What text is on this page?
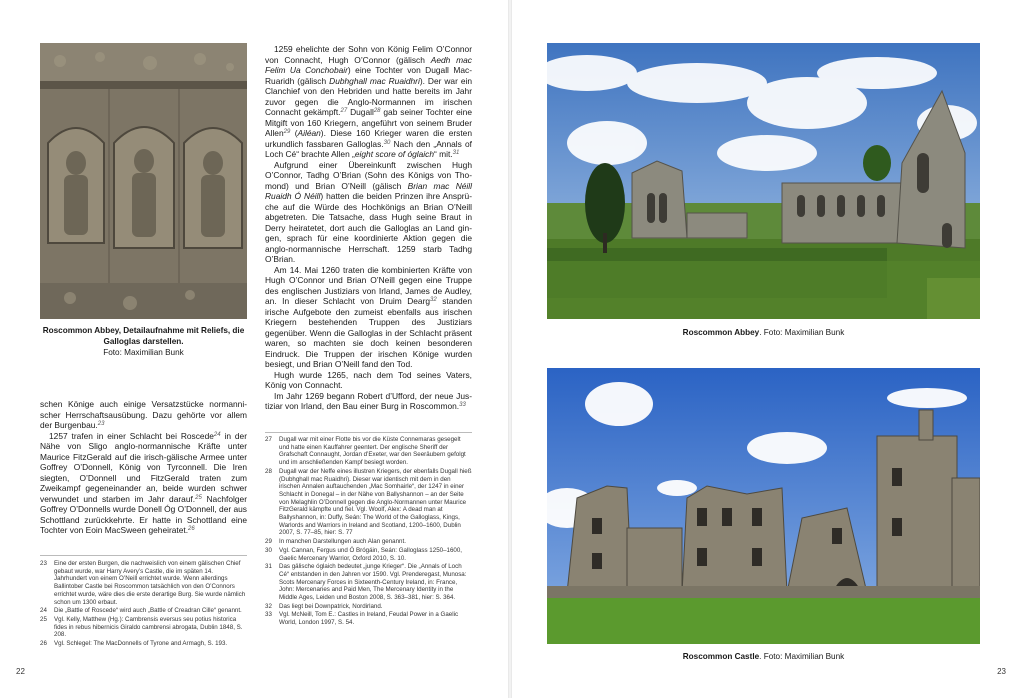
Roscommon Abbey, Detailaufnahme mit Reliefs, die Galloglas darstellen.
Foto: Maximilian Bunk

schen Könige auch einige Versatzstücke normannischer Herrschaftsausübung. Dazu gehörte vor allem der Burgenbau.$^{23}$

1257 trafen in einer Schlacht bei Roscede$^{24}$ in der Nähe von Sligo anglo-normannische Kräfte unter Maurice FitzGerald auf die irisch-gälische Armee unter Goffrey O’Donnell, König von Tyrconnell. Die Iren siegten, O’Donnell und FitzGerald traten zum Zweikampf gegeneinander an, beide wurden schwer verwundet und starben im Jahr darauf.$^{25}$ Nachfolger Goffrey O’Donnells wurde Donell Óg O’Donnell, der aus Schottland zurückkehrte. Er hatte in Schottland eine Tochter von Eoin MacSween geheiratet.$^{26}$

23	Eine der ersten Burgen, die nachweislich von einem gälischen Chief gebaut wurde, war Harry Avery’s Castle, die im späten 14. Jahrhundert von einem O’Neill errichtet wurde. Wenn allerdings Ballintober Castle bei Roscommon tatsächlich von den O’Connors errichtet wurde, wäre dies die erste derartige Burg. Sie wurde nämlich schon um 1300 erbaut.
24	Die „Battle of Roscede“ wird auch „Battle of Creadran Cille“ genannt.
25	Vgl. Kelly, Matthew (Hg.): Cambrensis eversus seu potius historica fides in rebus hibernicis Giraldo cambrensi abrogata, Dublin 1848, S. 208.
26	Vgl. Schlegel: The MacDonnells of Tyrone and Armagh, S. 193.

1259 ehelichte der Sohn von König Felim O’Connor von Connacht, Hugh O’Connor (gälisch Aedh mac Felim Ua Conchobair) eine Tochter von Dugall MacRuaridh (gälisch Dubhghall mac Ruaidhri). Der war ein Clanchief von den Hebriden und hatte bereits im Jahr zuvor gegen die Anglo-Normannen im irischen Connacht gekämpft.$^{27}$ Dugall$^{28}$ gab seiner Tochter eine Mitgift von 160 Kriegern, angeführt von seinem Bruder Allen$^{29}$ (Ailéan). Diese 160 Krieger waren die ersten urkundlich fassbaren Galloglas.$^{30}$ Nach den „Annals of Loch Cé“ brachte Allen „eight score of óglaich“ mit.$^{31}$

Aufgrund einer Übereinkunft zwischen Hugh O’Connor, Tadhg O’Brian (Sohn des Königs von Thomond) und Brian O’Neill (gälisch Brian mac Néill Ruaidh Ó Néill) hatten die beiden Prinzen ihre Ansprüche auf die Würde des Hochkönigs an Brian O’Neill abgetreten. Die Tatsache, dass Hugh seine Braut in Derry heiratetet, dort auch die Galloglas an Land gingen, sprach für eine koordinierte Aktion gegen die anglo-normannische Herrschaft. 1259 starb Tadhg O’Brian.

Am 14. Mai 1260 traten die kombinierten Kräfte von Hugh O’Connor und Brian O’Neill gegen eine Truppe des englischen Justiziars von Irland, James de Audley, an. In dieser Schlacht von Druim Dearg$^{32}$ standen irische Aufgebote den zumeist ebenfalls aus irischen Kriegern bestehenden Truppen des Justiziars gegenüber. Wenn die Galloglas in der Schlacht präsent waren, so machten sie doch keinen besonderen Eindruck. Die Truppen der irischen Könige wurden besiegt, und Brian O’Neill fand den Tod.

Hugh wurde 1265, nach dem Tod seines Vaters, König von Connacht.

Im Jahr 1269 begann Robert d’Ufford, der neue Justiziar von Irland, den Bau einer Burg in Roscommon.$^{33}$

27	Dugall war mit einer Flotte bis vor die Küste Connemaras gesegelt und hatte einen Kauffahrer geentert. Der englische Sheriff der Grafschaft Connaught, Jordan d’Exeter, war den Seeräubern gefolgt und im anschließenden Kampf besiegt worden.
28	Dugall war der Neffe eines illustren Kriegers, der ebenfalls Dugall hieß (Dubhghall mac Ruaidhri). Dieser war identisch mit dem in den irischen Annalen auftauchenden „Mac Somhairle“, der 1247 in einer Schlacht in Donegal – in der Nähe von Ballyshannon – an der Seite von Melaghlin O’Donnell gegen die Anglo-Normannen unter Maurice FitzGerald kämpfte und fiel. Vgl. Woolf, Alex: A dead man at Ballyshannon, in: Duffy, Seán: The World of the Galloglass, Kings, Warlords and Warriors in Ireland and Scotland, 1200–1600, Dublin 2007, S. 77–85, hier: S. 77
29	In manchen Darstellungen auch Alan genannt.
30	Vgl. Cannan, Fergus und Ó Brógáin, Seán: Galloglass 1250–1600, Gaelic Mercenary Warrior, Oxford 2010, S. 10.
31	Das gälische óglaich bedeutet „junge Krieger“. Die „Annals of Loch Cé“ entstanden in den Jahren vor 1590. Vgl. Prenderegast, Munosa: Scots Mercenary Forces in Sixteenth-Century Ireland, in: France, John: Mercenaries and Paid Men, The Mercenary Identity in the Middle Ages, Leiden und Boston 2008, S. 363–381, hier: S. 364.
32	Das liegt bei Downpatrick, Nordirland.
33	Vgl. McNeill, Tom E.: Castles in Ireland, Feudal Power in a Gaelic World, London 1997, S. 54.
22
Roscommon Abbey. Foto: Maximilian Bunk
Roscommon Castle. Foto: Maximilian Bunk
23
